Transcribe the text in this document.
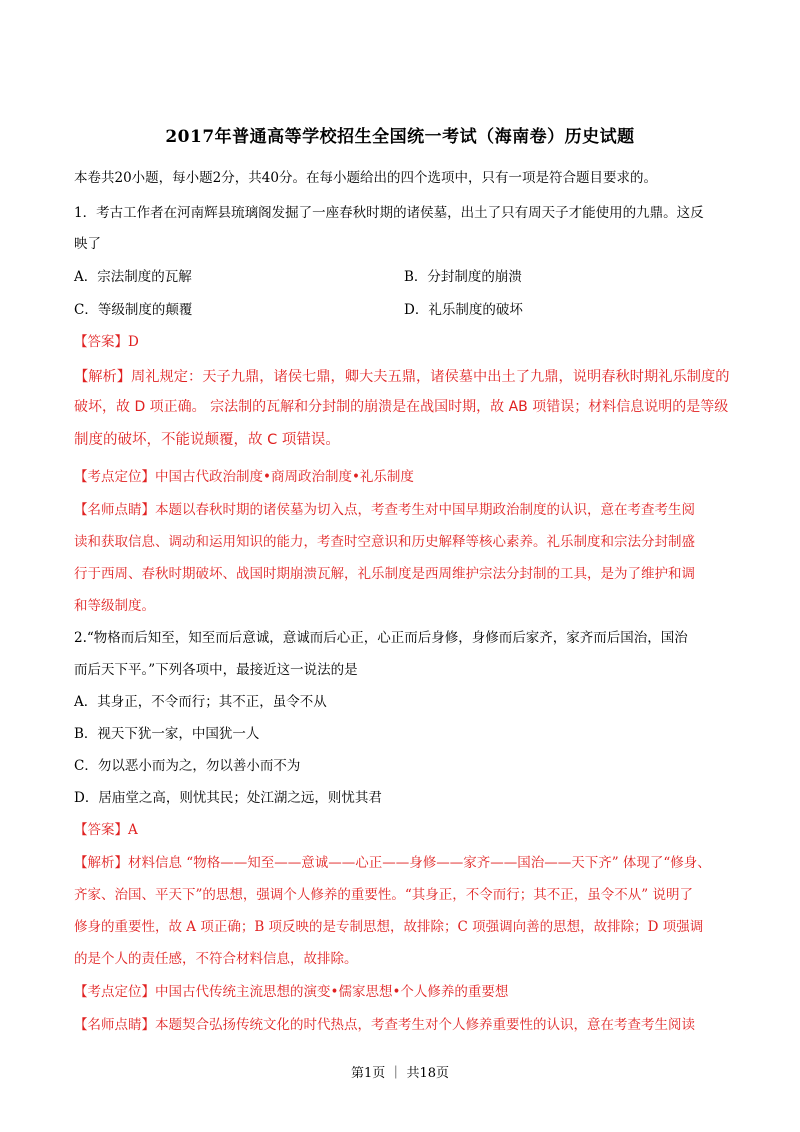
2017年普通高等学校招生全国统一考试（海南卷）历史试题
本卷共20小题，每小题2分，共40分。在每小题给出的四个选项中，只有一项是符合题目要求的。
1．考古工作者在河南辉县琉璃阁发掘了一座春秋时期的诸侯墓，出土了只有周天子才能使用的九鼎。这反
映了
A．宗法制度的瓦解	B．分封制度的崩溃
C．等级制度的颠覆	D．礼乐制度的破坏
【答案】D
【解析】周礼规定：天子九鼎，诸侯七鼎，卿大夫五鼎，诸侯墓中出土了九鼎，说明春秋时期礼乐制度的
破坏，故 D 项正确。 宗法制的瓦解和分封制的崩溃是在战国时期，故 AB 项错误；材料信息说明的是等级
制度的破坏，不能说颠覆，故 C 项错误。
【考点定位】中国古代政治制度•商周政治制度•礼乐制度
【名师点睛】本题以春秋时期的诸侯墓为切入点，考查考生对中国早期政治制度的认识，意在考查考生阅
读和获取信息、调动和运用知识的能力，考查时空意识和历史解释等核心素养。礼乐制度和宗法分封制盛
行于西周、春秋时期破坏、战国时期崩溃瓦解，礼乐制度是西周维护宗法分封制的工具，是为了维护和调
和等级制度。
2.“物格而后知至，知至而后意诚，意诚而后心正，心正而后身修，身修而后家齐，家齐而后国治，国治
而后天下平。”下列各项中，最接近这一说法的是
A．其身正，不令而行；其不正，虽令不从
B．视天下犹一家，中国犹一人
C．勿以恶小而为之，勿以善小而不为
D．居庙堂之高，则忧其民；处江湖之远，则忧其君
【答案】A
【解析】材料信息 “物格——知至——意诚——心正——身修——家齐——国治——天下齐” 体现了“修身、
齐家、治国、平天下”的思想，强调个人修养的重要性。“其身正，不令而行；其不正，虽令不从” 说明了
修身的重要性，故 A 项正确；B 项反映的是专制思想，故排除；C 项强调向善的思想，故排除；D 项强调
的是个人的责任感，不符合材料信息，故排除。
【考点定位】中国古代传统主流思想的演变•儒家思想•个人修养的重要想
【名师点睛】本题契合弘扬传统文化的时代热点，考查考生对个人修养重要性的认识，意在考查考生阅读
第1页 ｜ 共18页
